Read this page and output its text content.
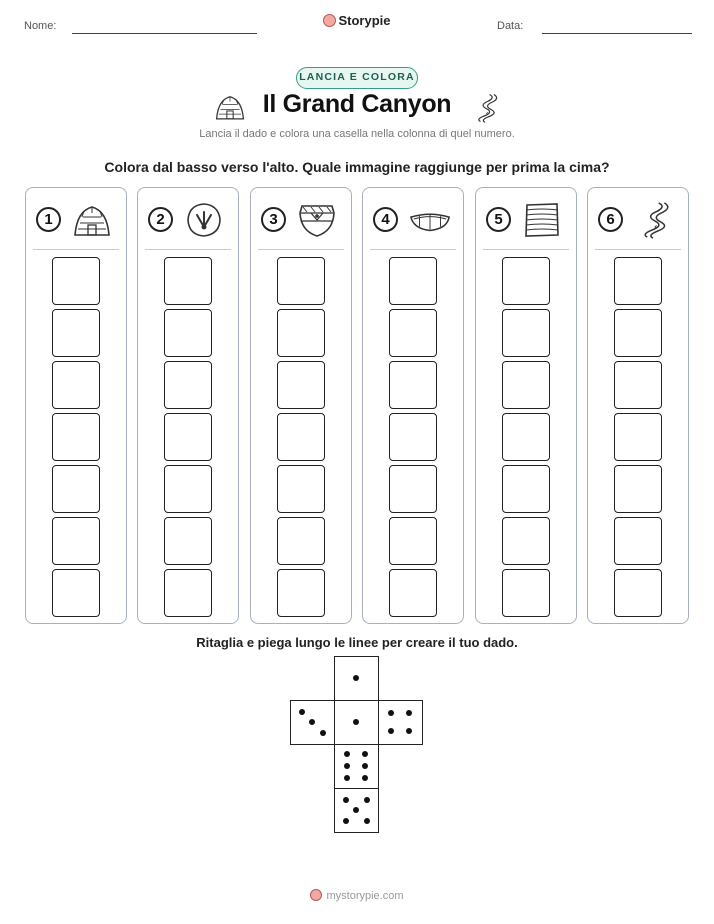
Nome:	Storypie	Data:
LANCIA E COLORA
Il Grand Canyon
Lancia il dado e colora una casella nella colonna di quel numero.
Colora dal basso verso l'alto. Quale immagine raggiunge per prima la cima?
1	2	3	4	5	6
Ritaglia e piega lungo le linee per creare il tuo dado.
mystorypie.com
